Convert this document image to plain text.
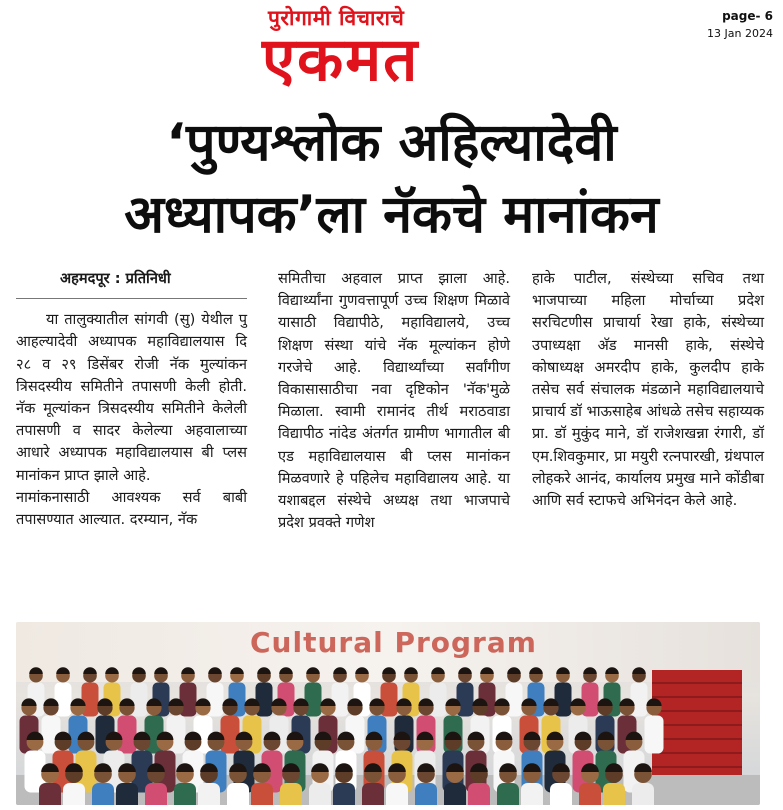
पुरोगामी विचाराचे
एकमत
page- 6
13 Jan 2024
‘पुण्यश्लोक अहिल्यादेवी
अध्यापक’ला नॅकचे मानांकन

अहमदपूर : प्रतिनिधी

या तालुक्यातील सांगवी (सु) येथील पु आहल्यादेवी अध्यापक महाविद्यालयास दि २८ व २९ डिसेंबर रोजी नॅक मुल्यांकन त्रिसदस्यीय समितीने तपासणी केली होती. नॅक मूल्यांकन त्रिसदस्यीय समितीने केलेली तपासणी व सादर केलेल्या अहवालाच्या आधारे अध्यापक महाविद्यालयास बी प्लस मानांकन प्राप्त झाले आहे.

नामांकनासाठी आवश्यक सर्व बाबी तपासण्यात आल्यात. दरम्यान, नॅक

समितीचा अहवाल प्राप्त झाला आहे. विद्यार्थ्यांना गुणवत्तापूर्ण उच्च शिक्षण मिळावे यासाठी विद्यापीठे, महाविद्यालये, उच्च शिक्षण संस्था यांचे नॅक मूल्यांकन होणे गरजेचे आहे. विद्यार्थ्यांच्या सर्वांगीण विकासासाठीचा नवा दृष्टिकोन 'नॅक'मुळे मिळाला. स्वामी रामानंद तीर्थ मराठवाडा विद्यापीठ नांदेड अंतर्गत ग्रामीण भागातील बी एड महाविद्यालयास बी प्लस मानांकन मिळवणारे हे पहिलेच महाविद्यालय आहे. या यशाबद्दल संस्थेचे अध्यक्ष तथा भाजपाचे प्रदेश प्रवक्ते गणेश

हाके पाटील, संस्थेच्या सचिव तथा भाजपाच्या महिला मोर्चाच्या प्रदेश सरचिटणीस प्राचार्या रेखा हाके, संस्थेच्या उपाध्यक्षा अ‍ॅड मानसी हाके, संस्थेचे कोषाध्यक्ष अमरदीप हाके, कुलदीप हाके तसेच सर्व संचालक मंडळाने महाविद्यालयाचे प्राचार्य डॉ भाऊसाहेब आंधळे तसेच सहाय्यक प्रा. डॉ मुकुंद माने, डॉ राजेशखन्ना रंगारी, डॉ एम.शिवकुमार, प्रा मयुरी रत्नपारखी, ग्रंथपाल लोहकरे आनंद, कार्यालय प्रमुख माने कोंडीबा आणि सर्व स्टाफचे अभिनंदन केले आहे.

Cultural Program
